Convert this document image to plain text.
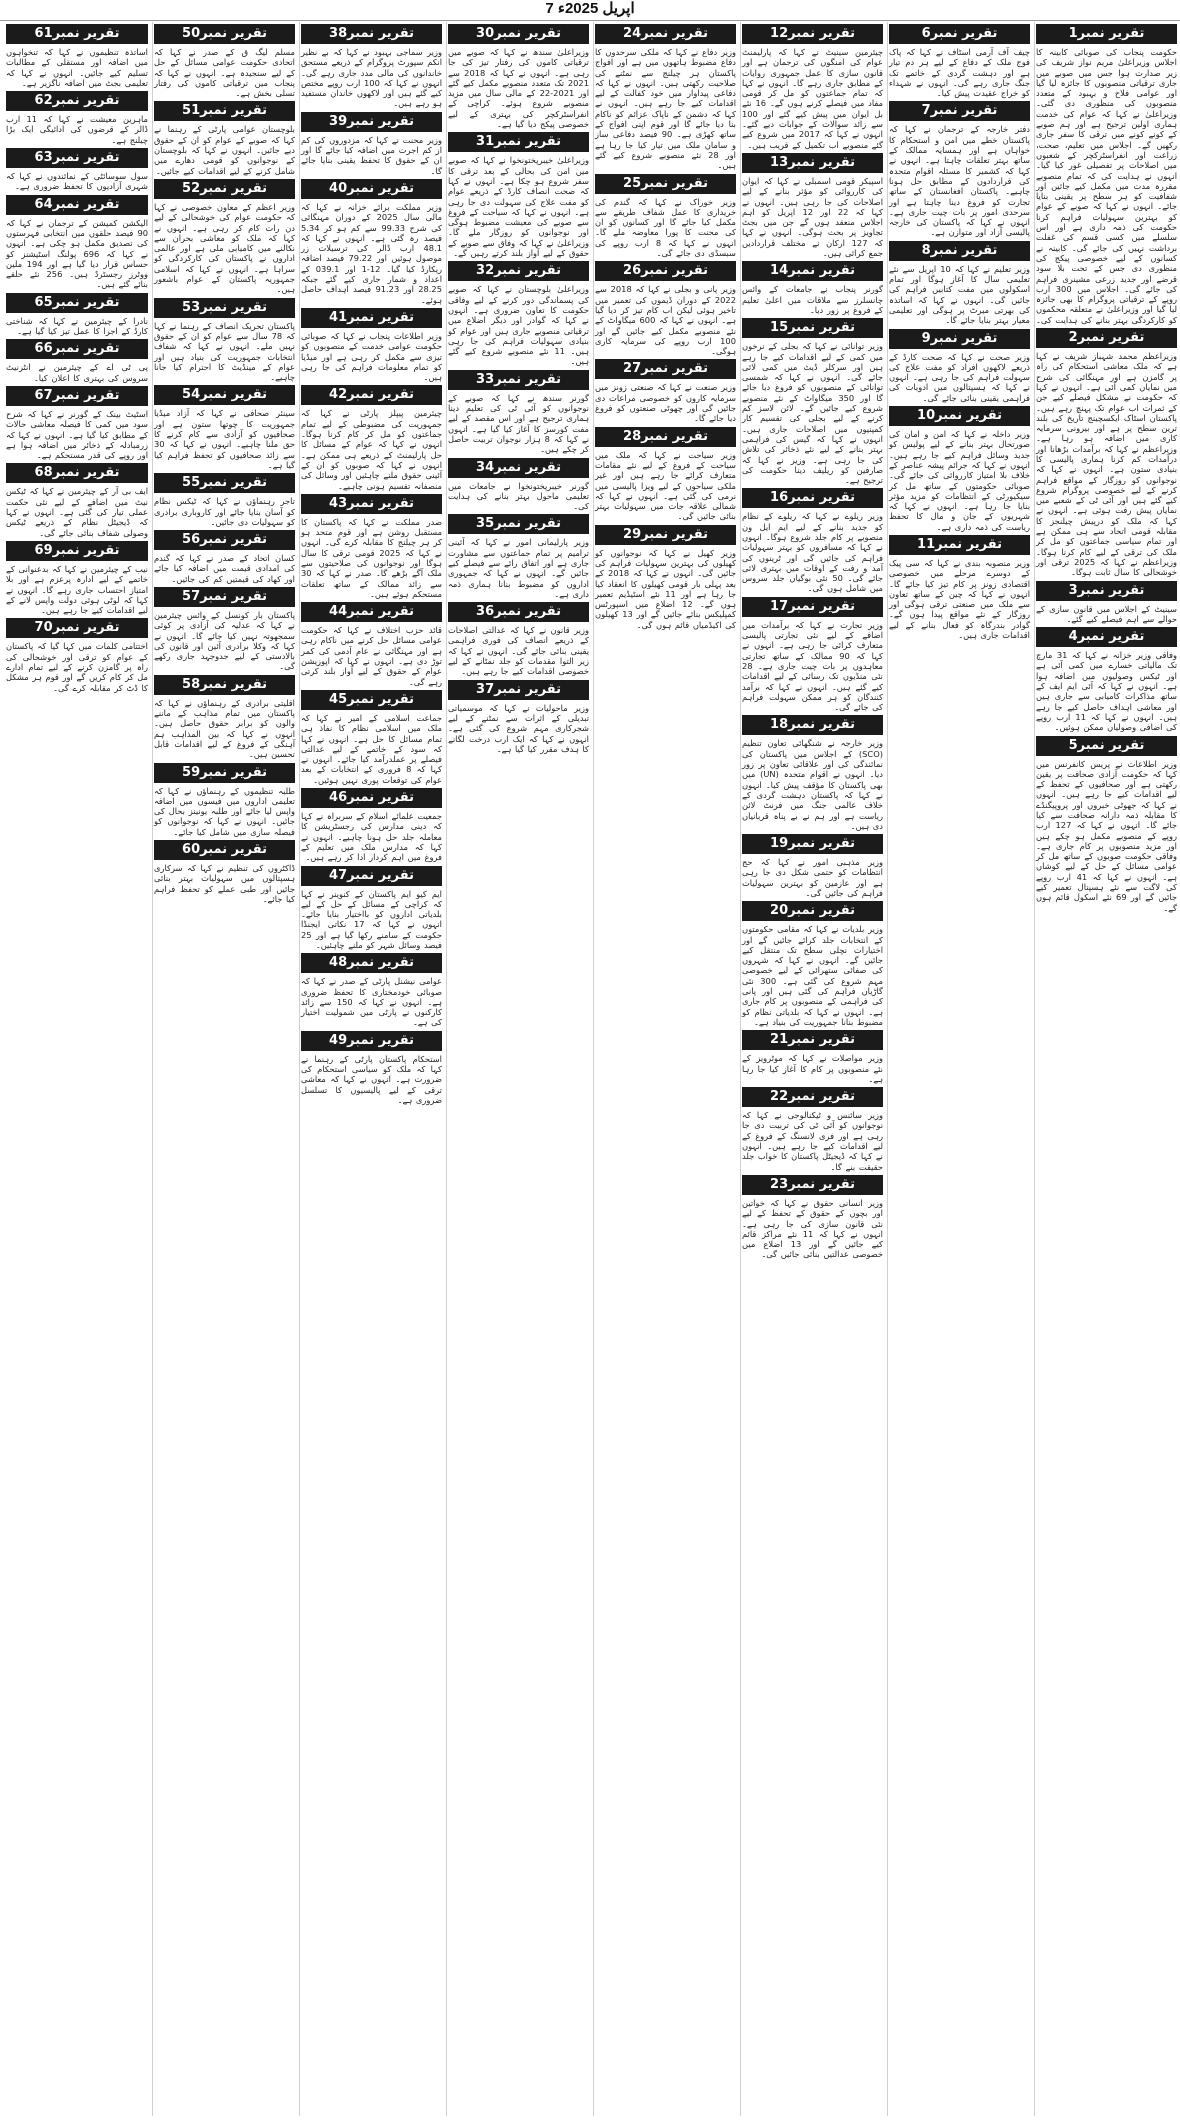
7 اپریل 2025ء
تقریر نمبر1
حکومت پنجاب کی صوبائی کابینہ کا اجلاس وزیراعلیٰ مریم نواز شریف کی زیر صدارت ہوا جس میں صوبے میں جاری ترقیاتی منصوبوں کا جائزہ لیا گیا اور عوامی فلاح و بہبود کے متعدد منصوبوں کی منظوری دی گئی۔ وزیراعلیٰ نے کہا کہ عوام کی خدمت ہماری اولین ترجیح ہے اور ہم صوبے کے کونے کونے میں ترقی کا سفر جاری رکھیں گے۔ اجلاس میں تعلیم، صحت، زراعت اور انفراسٹرکچر کے شعبوں میں اصلاحات پر تفصیلی غور کیا گیا۔ انہوں نے ہدایت کی کہ تمام منصوبے مقررہ مدت میں مکمل کیے جائیں اور شفافیت کو ہر سطح پر یقینی بنایا جائے۔ انہوں نے کہا کہ صوبے کے عوام کو بہترین سہولیات فراہم کرنا حکومت کی ذمہ داری ہے اور اس سلسلے میں کسی قسم کی غفلت برداشت نہیں کی جائے گی۔ کابینہ نے کسانوں کے لیے خصوصی پیکج کی منظوری دی جس کے تحت بلا سود قرضے اور جدید زرعی مشینری فراہم کی جائے گی۔ اجلاس میں 300 ارب روپے کے ترقیاتی پروگرام کا بھی جائزہ لیا گیا اور وزیراعلیٰ نے متعلقہ محکموں کو کارکردگی بہتر بنانے کی ہدایت کی۔
تقریر نمبر2
وزیراعظم محمد شہباز شریف نے کہا ہے کہ ملک معاشی استحکام کی راہ پر گامزن ہے اور مہنگائی کی شرح میں نمایاں کمی آئی ہے۔ انہوں نے کہا کہ حکومت نے مشکل فیصلے کیے جن کے ثمرات اب عوام تک پہنچ رہے ہیں۔ پاکستان اسٹاک ایکسچینج تاریخ کی بلند ترین سطح پر ہے اور بیرونی سرمایہ کاری میں اضافہ ہو رہا ہے۔ وزیراعظم نے کہا کہ برآمدات بڑھانا اور درآمدات کم کرنا ہماری پالیسی کا بنیادی ستون ہے۔ انہوں نے کہا کہ نوجوانوں کو روزگار کے مواقع فراہم کرنے کے لیے خصوصی پروگرام شروع کیے گئے ہیں اور آئی ٹی کے شعبے میں نمایاں پیش رفت ہوئی ہے۔ انہوں نے کہا کہ ملک کو درپیش چیلنجز کا مقابلہ قومی اتحاد سے ہی ممکن ہے اور تمام سیاسی جماعتوں کو مل کر ملک کی ترقی کے لیے کام کرنا ہوگا۔ وزیراعظم نے کہا کہ 2025 ترقی اور خوشحالی کا سال ثابت ہوگا۔
تقریر نمبر3
سینیٹ کے اجلاس میں قانون سازی کے حوالے سے اہم فیصلے کیے گئے۔
تقریر نمبر4
وفاقی وزیر خزانہ نے کہا کہ 31 مارچ تک مالیاتی خسارے میں کمی آئی ہے اور ٹیکس وصولیوں میں اضافہ ہوا ہے۔ انہوں نے کہا کہ آئی ایم ایف کے ساتھ مذاکرات کامیابی سے جاری ہیں اور معاشی اہداف حاصل کیے جا رہے ہیں۔ انہوں نے کہا کہ 11 ارب روپے کی اضافی وصولیاں ممکن ہوئیں۔
تقریر نمبر5
وزیر اطلاعات نے پریس کانفرنس میں کہا کہ حکومت آزادی صحافت پر یقین رکھتی ہے اور صحافیوں کے تحفظ کے لیے اقدامات کیے جا رہے ہیں۔ انہوں نے کہا کہ جھوٹی خبروں اور پروپیگنڈے کا مقابلہ ذمہ دارانہ صحافت سے کیا جائے گا۔ انہوں نے کہا کہ 127 ارب روپے کے منصوبے مکمل ہو چکے ہیں اور مزید منصوبوں پر کام جاری ہے۔ وفاقی حکومت صوبوں کے ساتھ مل کر عوامی مسائل کے حل کے لیے کوشاں ہے۔ انہوں نے کہا کہ 41 ارب روپے کی لاگت سے نئے ہسپتال تعمیر کیے جائیں گے اور 69 نئے اسکول قائم ہوں گے۔
تقریر نمبر6
چیف آف آرمی اسٹاف نے کہا کہ پاک فوج ملک کے دفاع کے لیے ہر دم تیار ہے اور دہشت گردی کے خاتمے تک جنگ جاری رہے گی۔ انہوں نے شہداء کو خراج عقیدت پیش کیا۔
تقریر نمبر7
دفتر خارجہ کے ترجمان نے کہا کہ پاکستان خطے میں امن و استحکام کا خواہاں ہے اور ہمسایہ ممالک کے ساتھ بہتر تعلقات چاہتا ہے۔ انہوں نے کہا کہ کشمیر کا مسئلہ اقوام متحدہ کی قراردادوں کے مطابق حل ہونا چاہیے۔ پاکستان افغانستان کے ساتھ تجارت کو فروغ دینا چاہتا ہے اور سرحدی امور پر بات چیت جاری ہے۔ انہوں نے کہا کہ پاکستان کی خارجہ پالیسی آزاد اور متوازن ہے۔
تقریر نمبر8
وزیر تعلیم نے کہا کہ 10 اپریل سے نئے تعلیمی سال کا آغاز ہوگا اور تمام اسکولوں میں مفت کتابیں فراہم کی جائیں گی۔ انہوں نے کہا کہ اساتذہ کی بھرتی میرٹ پر ہوگی اور تعلیمی معیار بہتر بنایا جائے گا۔
تقریر نمبر9
وزیر صحت نے کہا کہ صحت کارڈ کے ذریعے لاکھوں افراد کو مفت علاج کی سہولت فراہم کی جا رہی ہے۔ انہوں نے کہا کہ ہسپتالوں میں ادویات کی فراہمی یقینی بنائی جائے گی۔
تقریر نمبر10
وزیر داخلہ نے کہا کہ امن و امان کی صورتحال بہتر بنانے کے لیے پولیس کو جدید وسائل فراہم کیے جا رہے ہیں۔ انہوں نے کہا کہ جرائم پیشہ عناصر کے خلاف بلا امتیاز کارروائی کی جائے گی۔ صوبائی حکومتوں کے ساتھ مل کر سیکیورٹی کے انتظامات کو مزید مؤثر بنایا جا رہا ہے۔ انہوں نے کہا کہ شہریوں کے جان و مال کا تحفظ ریاست کی ذمہ داری ہے۔
تقریر نمبر11
وزیر منصوبہ بندی نے کہا کہ سی پیک کے دوسرے مرحلے میں خصوصی اقتصادی زونز پر کام تیز کیا جائے گا۔ انہوں نے کہا کہ چین کے ساتھ تعاون سے ملک میں صنعتی ترقی ہوگی اور روزگار کے نئے مواقع پیدا ہوں گے۔ گوادر بندرگاہ کو فعال بنانے کے لیے اقدامات جاری ہیں۔
تقریر نمبر12
چیئرمین سینیٹ نے کہا کہ پارلیمنٹ عوام کی امنگوں کی ترجمان ہے اور قانون سازی کا عمل جمہوری روایات کے مطابق جاری رہے گا۔ انہوں نے کہا کہ تمام جماعتوں کو مل کر قومی مفاد میں فیصلے کرنے ہوں گے۔ 16 نئے بل ایوان میں پیش کیے گئے اور 100 سے زائد سوالات کے جوابات دیے گئے۔ انہوں نے کہا کہ 2017 میں شروع کیے گئے منصوبے اب تکمیل کے قریب ہیں۔
تقریر نمبر13
اسپیکر قومی اسمبلی نے کہا کہ ایوان کی کارروائی کو مؤثر بنانے کے لیے اصلاحات کی جا رہی ہیں۔ انہوں نے کہا کہ 22 اور 12 اپریل کو اہم اجلاس منعقد ہوں گے جن میں بجٹ تجاویز پر بحث ہوگی۔ انہوں نے کہا کہ 127 ارکان نے مختلف قراردادیں جمع کرائی ہیں۔
تقریر نمبر14
گورنر پنجاب نے جامعات کے وائس چانسلرز سے ملاقات میں اعلیٰ تعلیم کے فروغ پر زور دیا۔
تقریر نمبر15
وزیر توانائی نے کہا کہ بجلی کے نرخوں میں کمی کے لیے اقدامات کیے جا رہے ہیں اور سرکلر ڈیٹ میں کمی لائی جائے گی۔ انہوں نے کہا کہ شمسی توانائی کے منصوبوں کو فروغ دیا جائے گا اور 350 میگاواٹ کے نئے منصوبے شروع کیے جائیں گے۔ لائن لاسز کم کرنے کے لیے بجلی کی تقسیم کار کمپنیوں میں اصلاحات جاری ہیں۔ انہوں نے کہا کہ گیس کی فراہمی بہتر بنانے کے لیے نئے ذخائر کی تلاش کی جا رہی ہے۔ وزیر نے کہا کہ صارفین کو ریلیف دینا حکومت کی ترجیح ہے۔
تقریر نمبر16
وزیر ریلوے نے کہا کہ ریلوے کے نظام کو جدید بنانے کے لیے ایم ایل ون منصوبے پر کام جلد شروع ہوگا۔ انہوں نے کہا کہ مسافروں کو بہتر سہولیات فراہم کی جائیں گی اور ٹرینوں کی آمد و رفت کے اوقات میں بہتری لائی جائے گی۔ 50 نئی بوگیاں جلد سروس میں شامل ہوں گی۔
تقریر نمبر17
وزیر تجارت نے کہا کہ برآمدات میں اضافے کے لیے نئی تجارتی پالیسی متعارف کرائی جا رہی ہے۔ انہوں نے کہا کہ 90 ممالک کے ساتھ تجارتی معاہدوں پر بات چیت جاری ہے۔ 28 نئی منڈیوں تک رسائی کے لیے اقدامات کیے گئے ہیں۔ انہوں نے کہا کہ برآمد کنندگان کو ہر ممکن سہولت فراہم کی جائے گی۔
تقریر نمبر18
وزیر خارجہ نے شنگھائی تعاون تنظیم (SCO) کے اجلاس میں پاکستان کی نمائندگی کی اور علاقائی تعاون پر زور دیا۔ انہوں نے اقوام متحدہ (UN) میں بھی پاکستان کا مؤقف پیش کیا۔ انہوں نے کہا کہ پاکستان دہشت گردی کے خلاف عالمی جنگ میں فرنٹ لائن ریاست ہے اور ہم نے بے پناہ قربانیاں دی ہیں۔
تقریر نمبر19
وزیر مذہبی امور نے کہا کہ حج انتظامات کو حتمی شکل دی جا رہی ہے اور عازمین کو بہترین سہولیات فراہم کی جائیں گی۔
تقریر نمبر20
وزیر بلدیات نے کہا کہ مقامی حکومتوں کے انتخابات جلد کرائے جائیں گے اور اختیارات نچلی سطح تک منتقل کیے جائیں گے۔ انہوں نے کہا کہ شہروں کی صفائی ستھرائی کے لیے خصوصی مہم شروع کی گئی ہے۔ 300 نئی گاڑیاں فراہم کی گئی ہیں اور پانی کی فراہمی کے منصوبوں پر کام جاری ہے۔ انہوں نے کہا کہ بلدیاتی نظام کو مضبوط بنانا جمہوریت کی بنیاد ہے۔
تقریر نمبر21
وزیر مواصلات نے کہا کہ موٹرویز کے نئے منصوبوں پر کام کا آغاز کیا جا رہا ہے۔
تقریر نمبر22
وزیر سائنس و ٹیکنالوجی نے کہا کہ نوجوانوں کو آئی ٹی کی تربیت دی جا رہی ہے اور فری لانسنگ کے فروغ کے لیے اقدامات کیے جا رہے ہیں۔ انہوں نے کہا کہ ڈیجیٹل پاکستان کا خواب جلد حقیقت بنے گا۔
تقریر نمبر23
وزیر انسانی حقوق نے کہا کہ خواتین اور بچوں کے حقوق کے تحفظ کے لیے نئی قانون سازی کی جا رہی ہے۔ انہوں نے کہا کہ 11 نئے مراکز قائم کیے جائیں گے اور 13 اضلاع میں خصوصی عدالتیں بنائی جائیں گی۔
تقریر نمبر24
وزیر دفاع نے کہا کہ ملکی سرحدوں کا دفاع مضبوط ہاتھوں میں ہے اور افواج پاکستان ہر چیلنج سے نمٹنے کی صلاحیت رکھتی ہیں۔ انہوں نے کہا کہ دفاعی پیداوار میں خود کفالت کے لیے اقدامات کیے جا رہے ہیں۔ انہوں نے کہا کہ دشمن کے ناپاک عزائم کو ناکام بنا دیا جائے گا اور قوم اپنی افواج کے ساتھ کھڑی ہے۔ 90 فیصد دفاعی ساز و سامان ملک میں تیار کیا جا رہا ہے اور 28 نئے منصوبے شروع کیے گئے ہیں۔
تقریر نمبر25
وزیر خوراک نے کہا کہ گندم کی خریداری کا عمل شفاف طریقے سے مکمل کیا جائے گا اور کسانوں کو ان کی محنت کا پورا معاوضہ ملے گا۔ انہوں نے کہا کہ 8 ارب روپے کی سبسڈی دی جائے گی۔
تقریر نمبر26
وزیر پانی و بجلی نے کہا کہ 2018 سے 2022 کے دوران ڈیموں کی تعمیر میں تاخیر ہوئی لیکن اب کام تیز کر دیا گیا ہے۔ انہوں نے کہا کہ 600 میگاواٹ کے نئے منصوبے مکمل کیے جائیں گے اور 100 ارب روپے کی سرمایہ کاری ہوگی۔
تقریر نمبر27
وزیر صنعت نے کہا کہ صنعتی زونز میں سرمایہ کاروں کو خصوصی مراعات دی جائیں گی اور چھوٹی صنعتوں کو فروغ دیا جائے گا۔
تقریر نمبر28
وزیر سیاحت نے کہا کہ ملک میں سیاحت کے فروغ کے لیے نئے مقامات متعارف کرائے جا رہے ہیں اور غیر ملکی سیاحوں کے لیے ویزا پالیسی میں نرمی کی گئی ہے۔ انہوں نے کہا کہ شمالی علاقہ جات میں سہولیات بہتر بنائی جائیں گی۔
تقریر نمبر29
وزیر کھیل نے کہا کہ نوجوانوں کو کھیلوں کی بہترین سہولیات فراہم کی جائیں گی۔ انہوں نے کہا کہ 2018 کے بعد پہلی بار قومی کھیلوں کا انعقاد کیا جا رہا ہے اور 11 نئے اسٹیڈیم تعمیر ہوں گے۔ 12 اضلاع میں اسپورٹس کمپلیکس بنائے جائیں گے اور 13 کھیلوں کی اکیڈمیاں قائم ہوں گی۔
تقریر نمبر30
وزیراعلیٰ سندھ نے کہا کہ صوبے میں ترقیاتی کاموں کی رفتار تیز کی جا رہی ہے۔ انہوں نے کہا کہ 2018 سے 2021 تک متعدد منصوبے مکمل کیے گئے اور 2021-22 کے مالی سال میں مزید منصوبے شروع ہوئے۔ کراچی کے انفراسٹرکچر کی بہتری کے لیے خصوصی پیکج دیا گیا ہے۔
تقریر نمبر31
وزیراعلیٰ خیبرپختونخوا نے کہا کہ صوبے میں امن کی بحالی کے بعد ترقی کا سفر شروع ہو چکا ہے۔ انہوں نے کہا کہ صحت انصاف کارڈ کے ذریعے عوام کو مفت علاج کی سہولت دی جا رہی ہے۔ انہوں نے کہا کہ سیاحت کے فروغ سے صوبے کی معیشت مضبوط ہوگی اور نوجوانوں کو روزگار ملے گا۔ وزیراعلیٰ نے کہا کہ وفاق سے صوبے کے حقوق کے لیے آواز بلند کرتے رہیں گے۔
تقریر نمبر32
وزیراعلیٰ بلوچستان نے کہا کہ صوبے کی پسماندگی دور کرنے کے لیے وفاقی حکومت کا تعاون ضروری ہے۔ انہوں نے کہا کہ گوادر اور دیگر اضلاع میں ترقیاتی منصوبے جاری ہیں اور عوام کو بنیادی سہولیات فراہم کی جا رہی ہیں۔ 11 نئے منصوبے شروع کیے گئے ہیں۔
تقریر نمبر33
گورنر سندھ نے کہا کہ صوبے کے نوجوانوں کو آئی ٹی کی تعلیم دینا ہماری ترجیح ہے اور اس مقصد کے لیے مفت کورسز کا آغاز کیا گیا ہے۔ انہوں نے کہا کہ 8 ہزار نوجوان تربیت حاصل کر چکے ہیں۔
تقریر نمبر34
گورنر خیبرپختونخوا نے جامعات میں تعلیمی ماحول بہتر بنانے کی ہدایت کی۔
تقریر نمبر35
وزیر پارلیمانی امور نے کہا کہ آئینی ترامیم پر تمام جماعتوں سے مشاورت جاری ہے اور اتفاق رائے سے فیصلے کیے جائیں گے۔ انہوں نے کہا کہ جمہوری اداروں کو مضبوط بنانا ہماری ذمہ داری ہے۔
تقریر نمبر36
وزیر قانون نے کہا کہ عدالتی اصلاحات کے ذریعے انصاف کی فوری فراہمی یقینی بنائی جائے گی۔ انہوں نے کہا کہ زیر التوا مقدمات کو جلد نمٹانے کے لیے خصوصی اقدامات کیے جا رہے ہیں۔
تقریر نمبر37
وزیر ماحولیات نے کہا کہ موسمیاتی تبدیلی کے اثرات سے نمٹنے کے لیے شجرکاری مہم شروع کی گئی ہے۔ انہوں نے کہا کہ ایک ارب درخت لگانے کا ہدف مقرر کیا گیا ہے۔
تقریر نمبر38
وزیر سماجی بہبود نے کہا کہ بے نظیر انکم سپورٹ پروگرام کے ذریعے مستحق خاندانوں کی مالی مدد جاری رہے گی۔ انہوں نے کہا کہ 100 ارب روپے مختص کیے گئے ہیں اور لاکھوں خاندان مستفید ہو رہے ہیں۔
تقریر نمبر39
وزیر محنت نے کہا کہ مزدوروں کی کم از کم اجرت میں اضافہ کیا جائے گا اور ان کے حقوق کا تحفظ یقینی بنایا جائے گا۔
تقریر نمبر40
وزیر مملکت برائے خزانہ نے کہا کہ مالی سال 2025 کے دوران مہنگائی کی شرح 99.33 سے کم ہو کر 5.34 فیصد رہ گئی ہے۔ انہوں نے کہا کہ 48.1 ارب ڈالر کی ترسیلات زر موصول ہوئیں اور 79.22 فیصد اضافہ ریکارڈ کیا گیا۔ 12-1 اور 039.1 کے اعداد و شمار جاری کیے گئے جبکہ 28.25 اور 91.23 فیصد اہداف حاصل ہوئے۔
تقریر نمبر41
وزیر اطلاعات پنجاب نے کہا کہ صوبائی حکومت عوامی خدمت کے منصوبوں کو تیزی سے مکمل کر رہی ہے اور میڈیا کو تمام معلومات فراہم کی جا رہی ہیں۔
تقریر نمبر42
چیئرمین پیپلز پارٹی نے کہا کہ جمہوریت کی مضبوطی کے لیے تمام جماعتوں کو مل کر کام کرنا ہوگا۔ انہوں نے کہا کہ عوام کے مسائل کا حل پارلیمنٹ کے ذریعے ہی ممکن ہے۔ انہوں نے کہا کہ صوبوں کو ان کے آئینی حقوق ملنے چاہئیں اور وسائل کی منصفانہ تقسیم ہونی چاہیے۔
تقریر نمبر43
صدر مملکت نے کہا کہ پاکستان کا مستقبل روشن ہے اور قوم متحد ہو کر ہر چیلنج کا مقابلہ کرے گی۔ انہوں نے کہا کہ 2025 قومی ترقی کا سال ہوگا اور نوجوانوں کی صلاحیتوں سے ملک آگے بڑھے گا۔ صدر نے کہا کہ 30 سے زائد ممالک کے ساتھ تعلقات مستحکم ہوئے ہیں۔
تقریر نمبر44
قائد حزب اختلاف نے کہا کہ حکومت عوامی مسائل حل کرنے میں ناکام رہی ہے اور مہنگائی نے عام آدمی کی کمر توڑ دی ہے۔ انہوں نے کہا کہ اپوزیشن عوام کے حقوق کے لیے آواز بلند کرتی رہے گی۔
تقریر نمبر45
جماعت اسلامی کے امیر نے کہا کہ ملک میں اسلامی نظام کا نفاذ ہی تمام مسائل کا حل ہے۔ انہوں نے کہا کہ سود کے خاتمے کے لیے عدالتی فیصلے پر عملدرآمد کیا جائے۔ انہوں نے کہا کہ 8 فروری کے انتخابات کے بعد عوام کی توقعات پوری نہیں ہوئیں۔
تقریر نمبر46
جمعیت علمائے اسلام کے سربراہ نے کہا کہ دینی مدارس کی رجسٹریشن کا معاملہ جلد حل ہونا چاہیے۔ انہوں نے کہا کہ مدارس ملک میں تعلیم کے فروغ میں اہم کردار ادا کر رہے ہیں۔
تقریر نمبر47
ایم کیو ایم پاکستان کے کنوینر نے کہا کہ کراچی کے مسائل کے حل کے لیے بلدیاتی اداروں کو بااختیار بنایا جائے۔ انہوں نے کہا کہ 17 نکاتی ایجنڈا حکومت کے سامنے رکھا گیا ہے اور 25 فیصد وسائل شہر کو ملنے چاہئیں۔
تقریر نمبر48
عوامی نیشنل پارٹی کے صدر نے کہا کہ صوبائی خودمختاری کا تحفظ ضروری ہے۔ انہوں نے کہا کہ 150 سے زائد کارکنوں نے پارٹی میں شمولیت اختیار کی ہے۔
تقریر نمبر49
استحکام پاکستان پارٹی کے رہنما نے کہا کہ ملک کو سیاسی استحکام کی ضرورت ہے۔ انہوں نے کہا کہ معاشی ترقی کے لیے پالیسیوں کا تسلسل ضروری ہے۔
تقریر نمبر50
مسلم لیگ ق کے صدر نے کہا کہ اتحادی حکومت عوامی مسائل کے حل کے لیے سنجیدہ ہے۔ انہوں نے کہا کہ پنجاب میں ترقیاتی کاموں کی رفتار تسلی بخش ہے۔
تقریر نمبر51
بلوچستان عوامی پارٹی کے رہنما نے کہا کہ صوبے کے عوام کو ان کے حقوق دیے جائیں۔ انہوں نے کہا کہ بلوچستان کے نوجوانوں کو قومی دھارے میں شامل کرنے کے لیے اقدامات کیے جائیں۔
تقریر نمبر52
وزیر اعظم کے معاون خصوصی نے کہا کہ حکومت عوام کی خوشحالی کے لیے دن رات کام کر رہی ہے۔ انہوں نے کہا کہ ملک کو معاشی بحران سے نکالنے میں کامیابی ملی ہے اور عالمی اداروں نے پاکستان کی کارکردگی کو سراہا ہے۔ انہوں نے کہا کہ اسلامی جمہوریہ پاکستان کے عوام باشعور ہیں۔
تقریر نمبر53
پاکستان تحریک انصاف کے رہنما نے کہا کہ 78 سال سے عوام کو ان کے حقوق نہیں ملے۔ انہوں نے کہا کہ شفاف انتخابات جمہوریت کی بنیاد ہیں اور عوام کے مینڈیٹ کا احترام کیا جانا چاہیے۔
تقریر نمبر54
سینئر صحافی نے کہا کہ آزاد میڈیا جمہوریت کا چوتھا ستون ہے اور صحافیوں کو آزادی سے کام کرنے کا حق ملنا چاہیے۔ انہوں نے کہا کہ 30 سے زائد صحافیوں کو تحفظ فراہم کیا گیا ہے۔
تقریر نمبر55
تاجر رہنماؤں نے کہا کہ ٹیکس نظام کو آسان بنایا جائے اور کاروباری برادری کو سہولیات دی جائیں۔
تقریر نمبر56
کسان اتحاد کے صدر نے کہا کہ گندم کی امدادی قیمت میں اضافہ کیا جائے اور کھاد کی قیمتیں کم کی جائیں۔
تقریر نمبر57
پاکستان بار کونسل کے وائس چیئرمین نے کہا کہ عدلیہ کی آزادی پر کوئی سمجھوتہ نہیں کیا جائے گا۔ انہوں نے کہا کہ وکلا برادری آئین اور قانون کی بالادستی کے لیے جدوجہد جاری رکھے گی۔
تقریر نمبر58
اقلیتی برادری کے رہنماؤں نے کہا کہ پاکستان میں تمام مذاہب کے ماننے والوں کو برابر حقوق حاصل ہیں۔ انہوں نے کہا کہ بین المذاہب ہم آہنگی کے فروغ کے لیے اقدامات قابل تحسین ہیں۔
تقریر نمبر59
طلبہ تنظیموں کے رہنماؤں نے کہا کہ تعلیمی اداروں میں فیسوں میں اضافہ واپس لیا جائے اور طلبہ یونینز بحال کی جائیں۔ انہوں نے کہا کہ نوجوانوں کو فیصلہ سازی میں شامل کیا جائے۔
تقریر نمبر60
ڈاکٹروں کی تنظیم نے کہا کہ سرکاری ہسپتالوں میں سہولیات بہتر بنائی جائیں اور طبی عملے کو تحفظ فراہم کیا جائے۔
تقریر نمبر61
اساتذہ تنظیموں نے کہا کہ تنخواہوں میں اضافہ اور مستقلی کے مطالبات تسلیم کیے جائیں۔ انہوں نے کہا کہ تعلیمی بجٹ میں اضافہ ناگزیر ہے۔
تقریر نمبر62
ماہرین معیشت نے کہا کہ 11 ارب ڈالر کے قرضوں کی ادائیگی ایک بڑا چیلنج ہے۔
تقریر نمبر63
سول سوسائٹی کے نمائندوں نے کہا کہ شہری آزادیوں کا تحفظ ضروری ہے۔
تقریر نمبر64
الیکشن کمیشن کے ترجمان نے کہا کہ 90 فیصد حلقوں میں انتخابی فہرستوں کی تصدیق مکمل ہو چکی ہے۔ انہوں نے کہا کہ 696 پولنگ اسٹیشنز کو حساس قرار دیا گیا ہے اور 194 ملین ووٹرز رجسٹرڈ ہیں۔ 256 نئے حلقے بنائے گئے ہیں۔
تقریر نمبر65
نادرا کے چیئرمین نے کہا کہ شناختی کارڈ کے اجرا کا عمل تیز کیا گیا ہے۔
تقریر نمبر66
پی ٹی اے کے چیئرمین نے انٹرنیٹ سروس کی بہتری کا اعلان کیا۔
تقریر نمبر67
اسٹیٹ بینک کے گورنر نے کہا کہ شرح سود میں کمی کا فیصلہ معاشی حالات کے مطابق کیا گیا ہے۔ انہوں نے کہا کہ زرمبادلہ کے ذخائر میں اضافہ ہوا ہے اور روپے کی قدر مستحکم ہے۔
تقریر نمبر68
ایف بی آر کے چیئرمین نے کہا کہ ٹیکس نیٹ میں اضافے کے لیے نئی حکمت عملی تیار کی گئی ہے۔ انہوں نے کہا کہ ڈیجیٹل نظام کے ذریعے ٹیکس وصولی شفاف بنائی جائے گی۔
تقریر نمبر69
نیب کے چیئرمین نے کہا کہ بدعنوانی کے خاتمے کے لیے ادارہ پرعزم ہے اور بلا امتیاز احتساب جاری رہے گا۔ انہوں نے کہا کہ لوٹی ہوئی دولت واپس لانے کے لیے اقدامات کیے جا رہے ہیں۔
تقریر نمبر70
اختتامی کلمات میں کہا گیا کہ پاکستان کے عوام کو ترقی اور خوشحالی کی راہ پر گامزن کرنے کے لیے تمام ادارے مل کر کام کریں گے اور قوم ہر مشکل کا ڈٹ کر مقابلہ کرے گی۔
